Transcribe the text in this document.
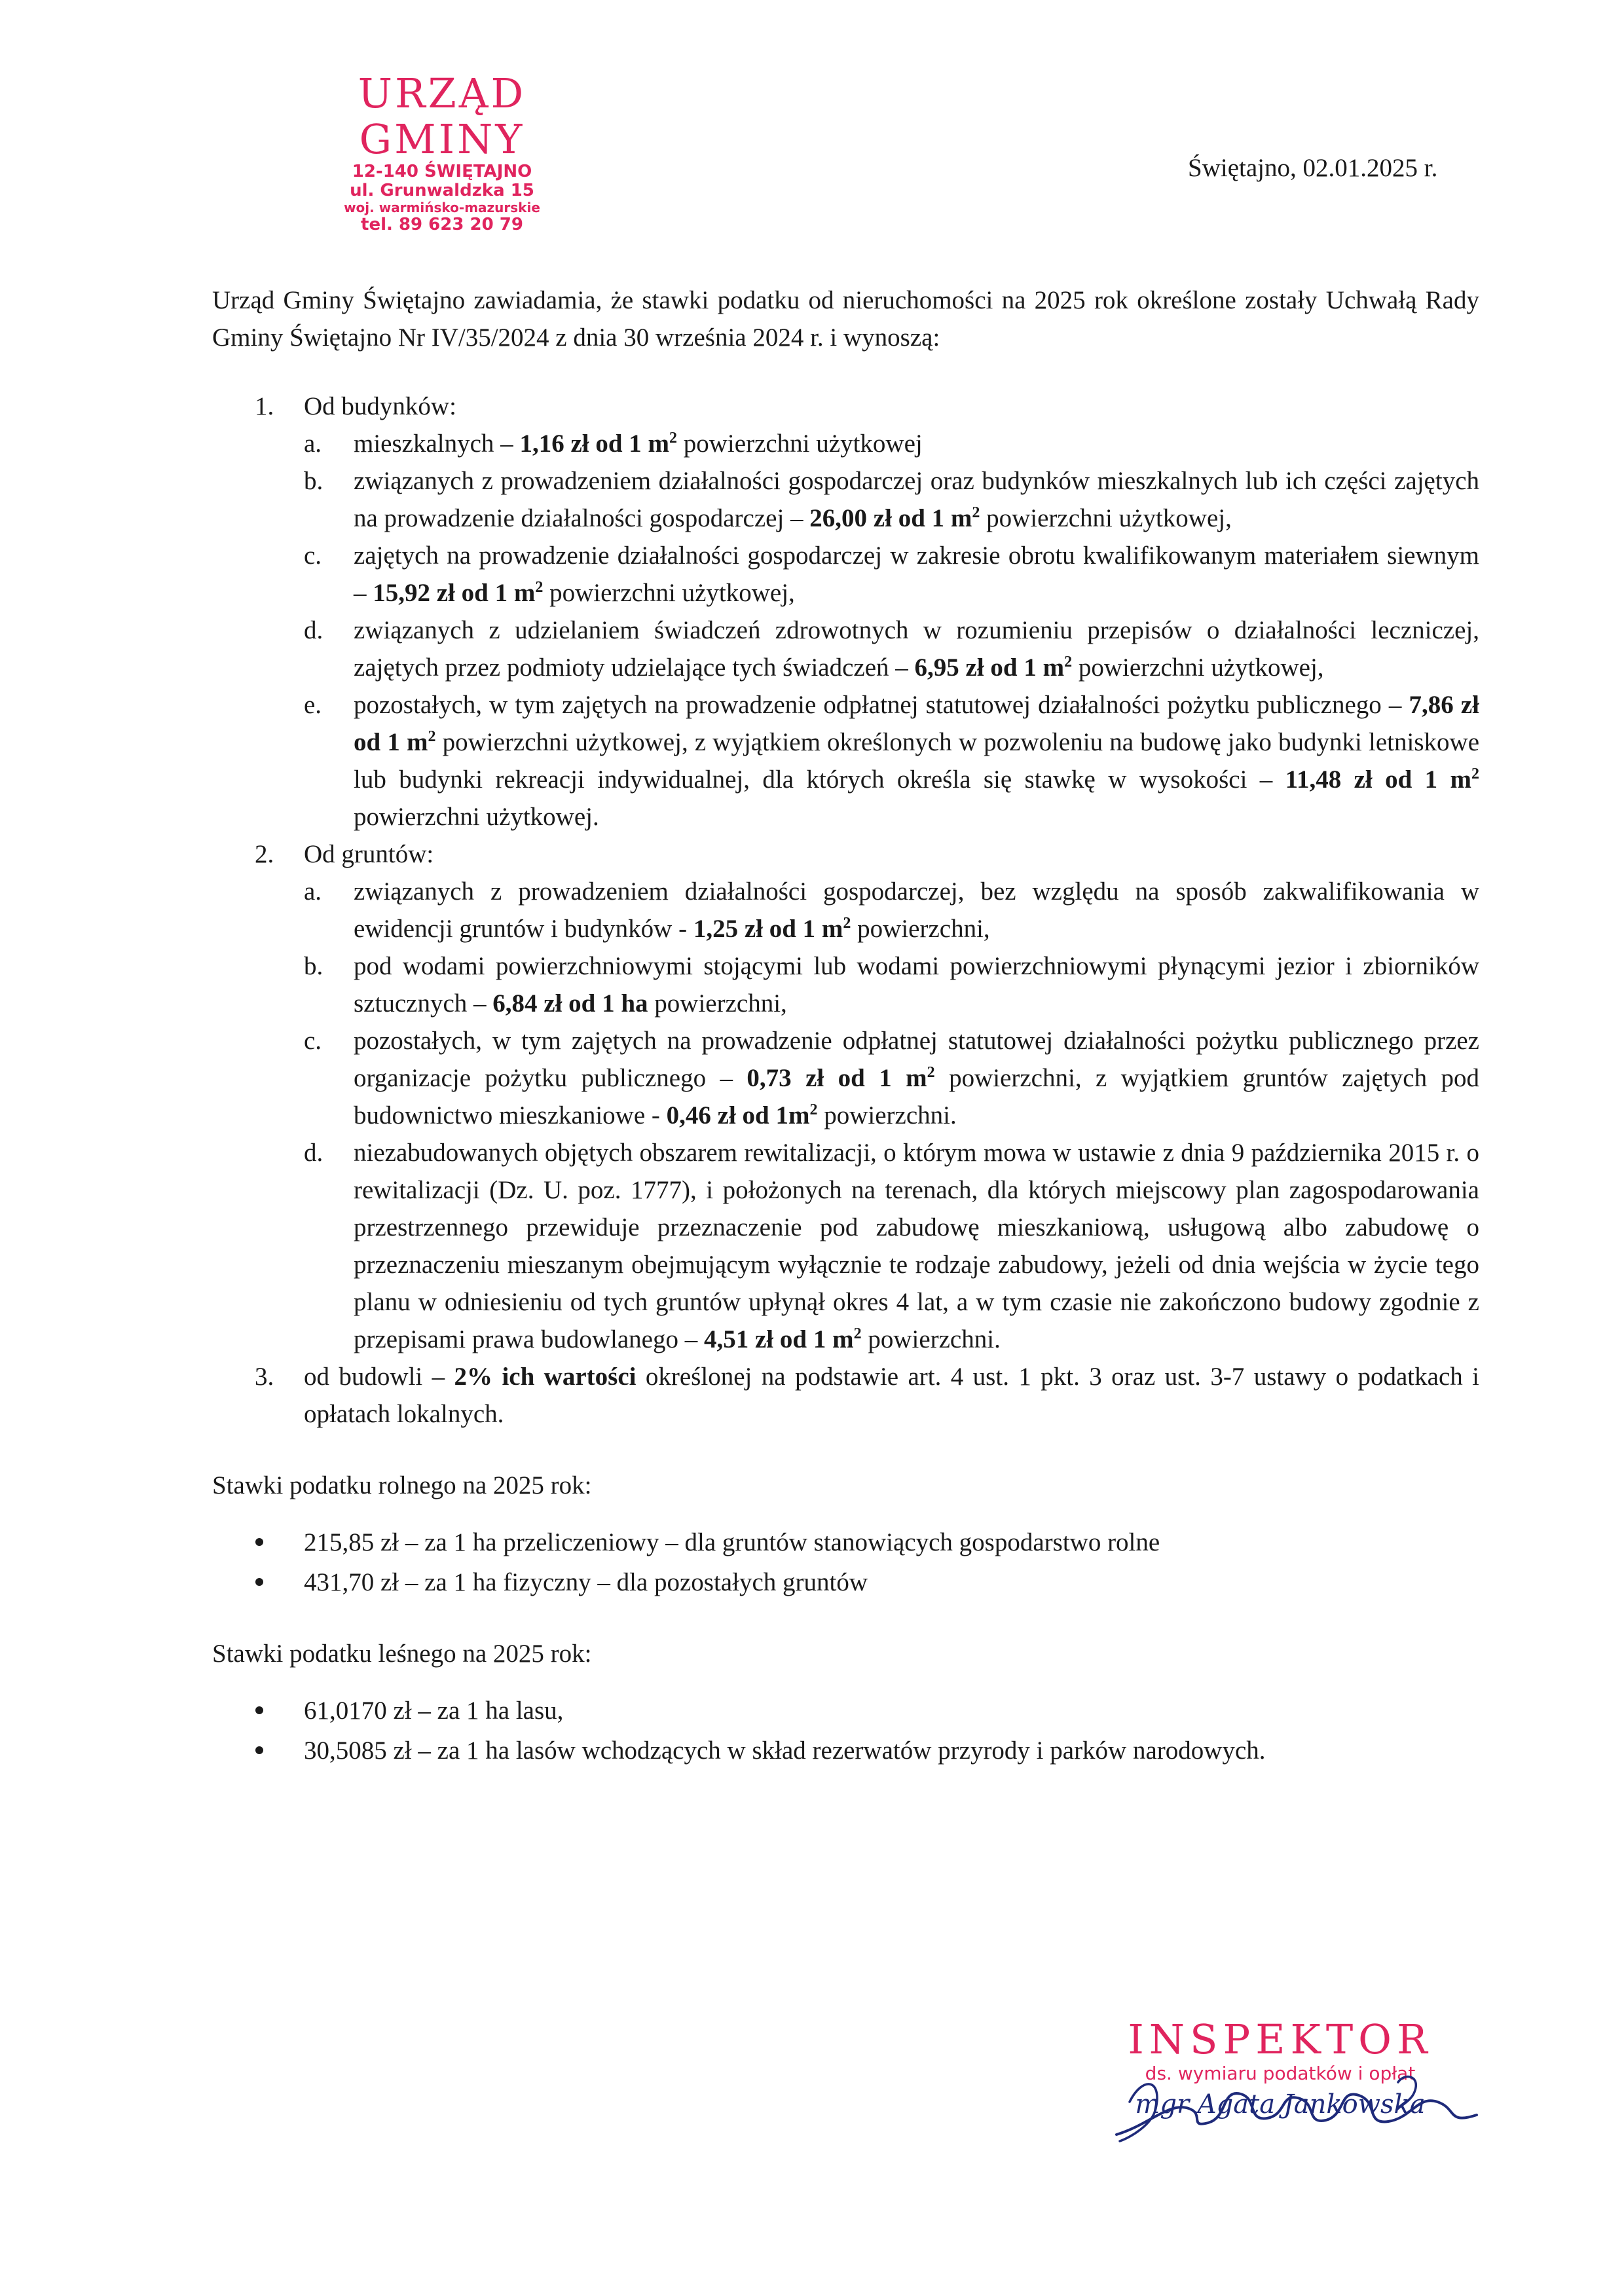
URZĄD GMINY
12-140 ŚWIĘTAJNO
ul. Grunwaldzka 15
woj. warmińsko-mazurskie
tel. 89 623 20 79
Świętajno, 02.01.2025 r.

Urząd Gminy Świętajno zawiadamia, że stawki podatku od nieruchomości na 2025 rok określone zostały Uchwałą Rady Gminy Świętajno Nr IV/35/2024 z dnia 30 września 2024 r. i wynoszą:

1. Od budynków:
a. mieszkalnych – 1,16 zł od 1 $m^2$ powierzchni użytkowej
b. związanych z prowadzeniem działalności gospodarczej oraz budynków mieszkalnych lub ich części zajętych na prowadzenie działalności gospodarczej – 26,00 zł od 1 $m^2$ powierzchni użytkowej,
c. zajętych na prowadzenie działalności gospodarczej w zakresie obrotu kwalifikowanym materiałem siewnym – 15,92 zł od 1 $m^2$ powierzchni użytkowej,
d. związanych z udzielaniem świadczeń zdrowotnych w rozumieniu przepisów o działalności leczniczej, zajętych przez podmioty udzielające tych świadczeń – 6,95 zł od 1 $m^2$ powierzchni użytkowej,
e. pozostałych, w tym zajętych na prowadzenie odpłatnej statutowej działalności pożytku publicznego – 7,86 zł od 1 $m^2$ powierzchni użytkowej, z wyjątkiem określonych w pozwoleniu na budowę jako budynki letniskowe lub budynki rekreacji indywidualnej, dla których określa się stawkę w wysokości – 11,48 zł od 1 $m^2$ powierzchni użytkowej.
2. Od gruntów:
a. związanych z prowadzeniem działalności gospodarczej, bez względu na sposób zakwalifikowania w ewidencji gruntów i budynków - 1,25 zł od 1 $m^2$ powierzchni,
b. pod wodami powierzchniowymi stojącymi lub wodami powierzchniowymi płynącymi jezior i zbiorników sztucznych – 6,84 zł od 1 ha powierzchni,
c. pozostałych, w tym zajętych na prowadzenie odpłatnej statutowej działalności pożytku publicznego przez organizacje pożytku publicznego – 0,73 zł od 1 $m^2$ powierzchni, z wyjątkiem gruntów zajętych pod budownictwo mieszkaniowe - 0,46 zł od $1m^2$ powierzchni.
d. niezabudowanych objętych obszarem rewitalizacji, o którym mowa w ustawie z dnia 9 października 2015 r. o rewitalizacji (Dz. U. poz. 1777), i położonych na terenach, dla których miejscowy plan zagospodarowania przestrzennego przewiduje przeznaczenie pod zabudowę mieszkaniową, usługową albo zabudowę o przeznaczeniu mieszanym obejmującym wyłącznie te rodzaje zabudowy, jeżeli od dnia wejścia w życie tego planu w odniesieniu od tych gruntów upłynął okres 4 lat, a w tym czasie nie zakończono budowy zgodnie z przepisami prawa budowlanego – 4,51 zł od 1 $m^2$ powierzchni.
3. od budowli – 2% ich wartości określonej na podstawie art. 4 ust. 1 pkt. 3 oraz ust. 3-7 ustawy o podatkach i opłatach lokalnych.
Stawki podatku rolnego na 2025 rok:
215,85 zł – za 1 ha przeliczeniowy – dla gruntów stanowiących gospodarstwo rolne
431,70 zł – za 1 ha fizyczny – dla pozostałych gruntów
Stawki podatku leśnego na 2025 rok:
61,0170 zł – za 1 ha lasu,
30,5085 zł – za 1 ha lasów wchodzących w skład rezerwatów przyrody i parków narodowych.
INSPEKTOR
ds. wymiaru podatków i opłat
mgr Agata Jankowska
